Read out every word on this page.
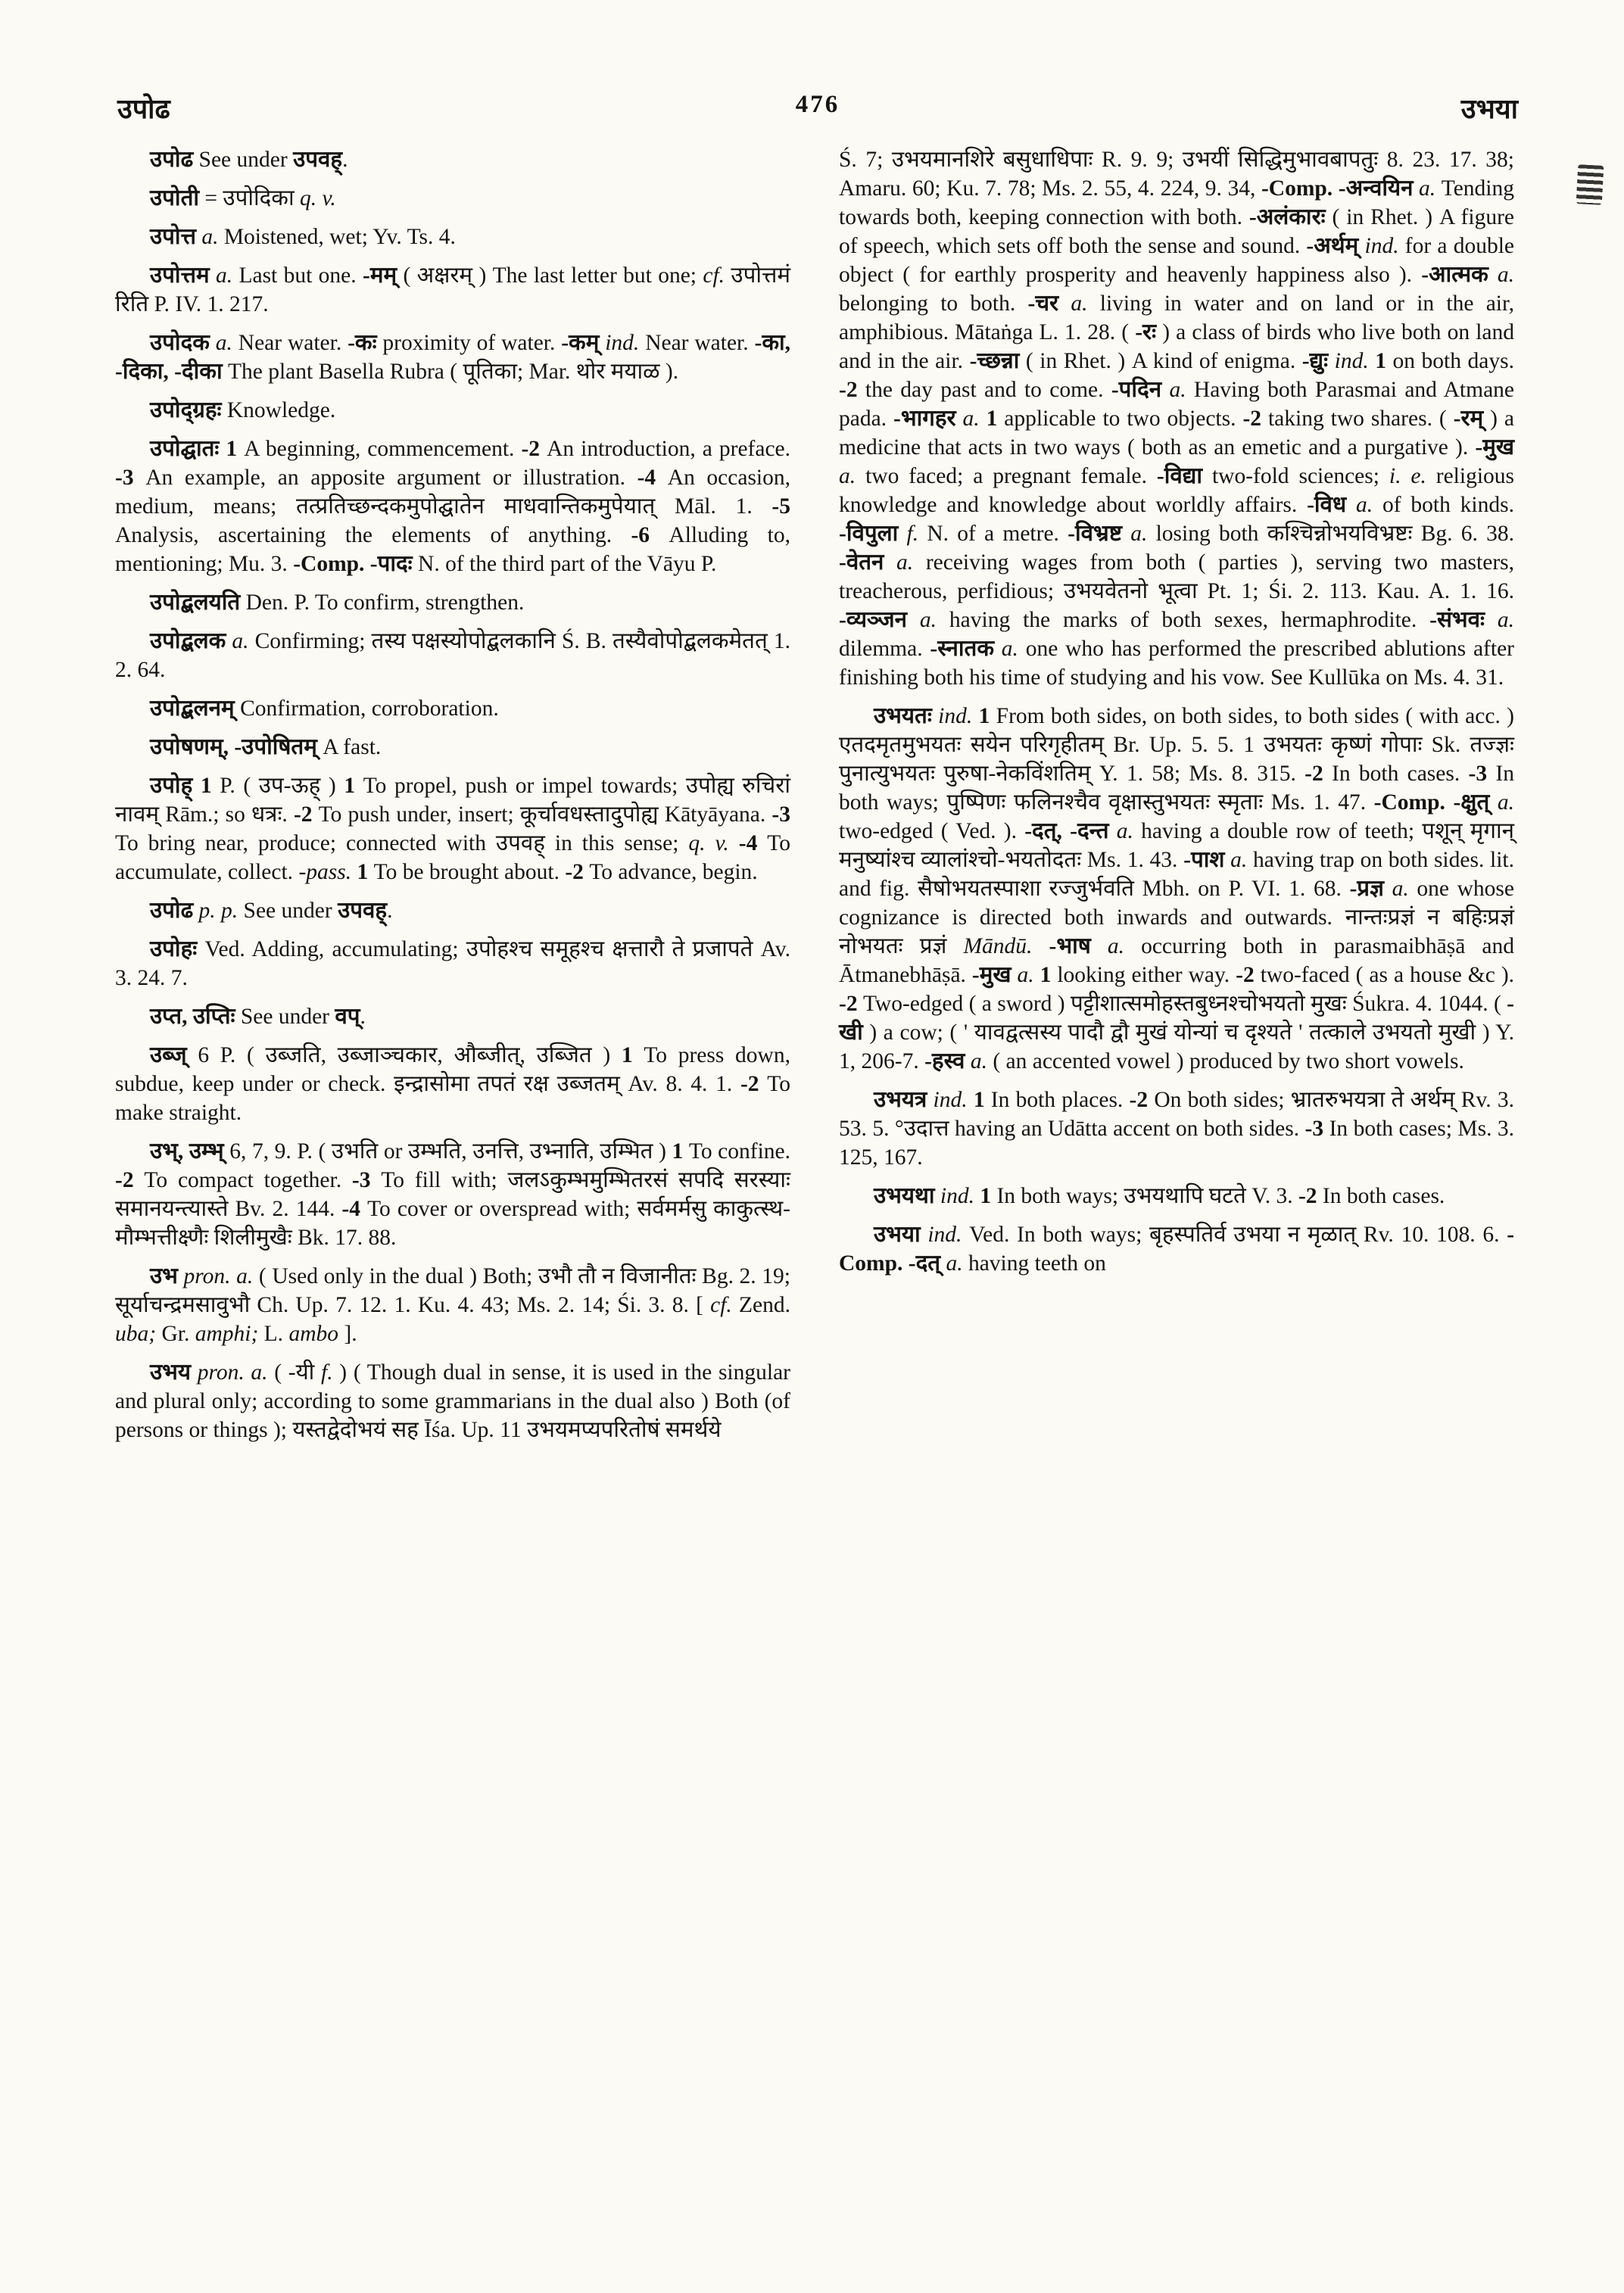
उपोढ	476	उभया

उपोढ See under उपवह्.

उपोती = उपोदिका q. v.

उपोत्त a. Moistened, wet; Yv. Ts. 4.

उपोत्तम a. Last but one. -मम् ( अक्षरम् ) The last letter but one; cf. उपोत्तमं रिति P. IV. 1. 217.

उपोदक a. Near water. -कः proximity of water. -कम् ind. Near water. -का, -दिका, -दीका The plant Basella Rubra ( पूतिका; Mar. थोर मयाळ ).

उपोद्ग्रहः Knowledge.

उपोद्घातः 1 A beginning, commencement. -2 An introduction, a preface. -3 An example, an apposite argument or illustration. -4 An occasion, medium, means; तत्प्रतिच्छन्दकमुपोद्घातेन माधवान्तिकमुपेयात् Māl. 1. -5 Analysis, ascertaining the elements of anything. -6 Alluding to, mentioning; Mu. 3. -Comp. -पादः N. of the third part of the Vāyu P.

उपोद्बलयति Den. P. To confirm, strengthen.

उपोद्बलक a. Confirming; तस्य पक्षस्योपोद्बलकानि Ś. B. तस्यैवोपोद्बलकमेतत् 1. 2. 64.

उपोद्बलनम् Confirmation, corroboration.

उपोषणम्, -उपोषितम् A fast.

उपोह् 1 P. ( उप-ऊह् ) 1 To propel, push or impel towards; उपोह्य रुचिरां नावम् Rām.; so धत्रः. -2 To push under, insert; कूर्चावधस्तादुपोह्य Kātyāyana. -3 To bring near, produce; connected with उपवह् in this sense; q. v. -4 To accumulate, collect. -pass. 1 To be brought about. -2 To advance, begin.

उपोढ p. p. See under उपवह्.

उपोहः Ved. Adding, accumulating; उपोहश्च समूहश्च क्षत्तारौ ते प्रजापते Av. 3. 24. 7.

उप्त, उप्तिः See under वप्.

उब्ज् 6 P. ( उब्जति, उब्जाञ्चकार, औब्जीत्, उब्जित ) 1 To press down, subdue, keep under or check. इन्द्रासोमा तपतं रक्ष उब्जतम् Av. 8. 4. 1. -2 To make straight.

उभ्, उम्भ् 6, 7, 9. P. ( उभति or उम्भति, उनत्ति, उभ्नाति, उम्भित ) 1 To confine. -2 To compact together. -3 To fill with; जलऽकुम्भमुम्भितरसं सपदि सरस्याः समानयन्त्यास्ते Bv. 2. 144. -4 To cover or overspread with; सर्वमर्मसु काकुत्स्थ-मौम्भत्तीक्ष्णैः शिलीमुखैः Bk. 17. 88.

उभ pron. a. ( Used only in the dual ) Both; उभौ तौ न विजानीतः Bg. 2. 19; सूर्याचन्द्रमसावुभौ Ch. Up. 7. 12. 1. Ku. 4. 43; Ms. 2. 14; Śi. 3. 8. [ cf. Zend. uba; Gr. amphi; L. ambo ].

उभय pron. a. ( -यी f. ) ( Though dual in sense, it is used in the singular and plural only; according to some grammarians in the dual also ) Both (of persons or things ); यस्तद्वेदोभयं सह Īśa. Up. 11 उभयमप्यपरितोषं समर्थये

Ś. 7; उभयमानशिरे बसुधाधिपाः R. 9. 9; उभयीं सिद्धिमुभावबापतुः 8. 23. 17. 38; Amaru. 60; Ku. 7. 78; Ms. 2. 55, 4. 224, 9. 34, -Comp. -अन्वयिन a. Tending towards both, keeping connection with both. -अलंकारः ( in Rhet. ) A figure of speech, which sets off both the sense and sound. -अर्थम् ind. for a double object ( for earthly prosperity and heavenly happiness also ). -आत्मक a. belonging to both. -चर a. living in water and on land or in the air, amphibious. Mātaṅga L. 1. 28. ( -रः ) a class of birds who live both on land and in the air. -च्छन्ना ( in Rhet. ) A kind of enigma. -द्युः ind. 1 on both days. -2 the day past and to come. -पदिन a. Having both Parasmai and Atmane pada. -भागहर a. 1 applicable to two objects. -2 taking two shares. ( -रम् ) a medicine that acts in two ways ( both as an emetic and a purgative ). -मुख a. two faced; a pregnant female. -विद्या two-fold sciences; i. e. religious knowledge and knowledge about worldly affairs. -विध a. of both kinds. -विपुला f. N. of a metre. -विभ्रष्ट a. losing both कश्चिन्नोभयविभ्रष्टः Bg. 6. 38. -वेतन a. receiving wages from both ( parties ), serving two masters, treacherous, perfidious; उभयवेतनो भूत्वा Pt. 1; Śi. 2. 113. Kau. A. 1. 16. -व्यञ्जन a. having the marks of both sexes, hermaphrodite. -संभवः a. dilemma. -स्नातक a. one who has performed the prescribed ablutions after finishing both his time of studying and his vow. See Kullūka on Ms. 4. 31.

उभयतः ind. 1 From both sides, on both sides, to both sides ( with acc. ) एतदमृतमुभयतः सयेन परिगृहीतम् Br. Up. 5. 5. 1 उभयतः कृष्णं गोपाः Sk. तज्ज्ञः पुनात्युभयतः पुरुषा-नेकविंशतिम् Y. 1. 58; Ms. 8. 315. -2 In both cases. -3 In both ways; पुष्पिणः फलिनश्चैव वृक्षास्तुभयतः स्मृताः Ms. 1. 47. -Comp. -क्षुत् a. two-edged ( Ved. ). -दत्, -दन्त a. having a double row of teeth; पशून् मृगान् मनुष्यांश्च व्यालांश्चो-भयतोदतः Ms. 1. 43. -पाश a. having trap on both sides. lit. and fig. सैषोभयतस्पाशा रज्जुर्भवति Mbh. on P. VI. 1. 68. -प्रज्ञ a. one whose cognizance is directed both inwards and outwards. नान्तःप्रज्ञं न बहिःप्रज्ञं नोभयतः प्रज्ञं Māndū. -भाष a. occurring both in parasmaibhāṣā and Ātmanebhāṣā. -मुख a. 1 looking either way. -2 two-faced ( as a house &c ). -2 Two-edged ( a sword ) पट्टीशात्समोहस्तबुध्नश्चोभयतो मुखः Śukra. 4. 1044. ( -खी ) a cow; ( ' यावद्वत्सस्य पादौ द्वौ मुखं योन्यां च दृश्यते ' तत्काले उभयतो मुखी ) Y. 1, 206-7. -हस्व a. ( an accented vowel ) produced by two short vowels.

उभयत्र ind. 1 In both places. -2 On both sides; भ्रातरुभयत्रा ते अर्थम् Rv. 3. 53. 5. °उदात्त having an Udātta accent on both sides. -3 In both cases; Ms. 3. 125, 167.

उभयथा ind. 1 In both ways; उभयथापि घटते V. 3. -2 In both cases.

उभया ind. Ved. In both ways; बृहस्पतिर्व उभया न मृळात् Rv. 10. 108. 6. -Comp. -दत् a. having teeth on
